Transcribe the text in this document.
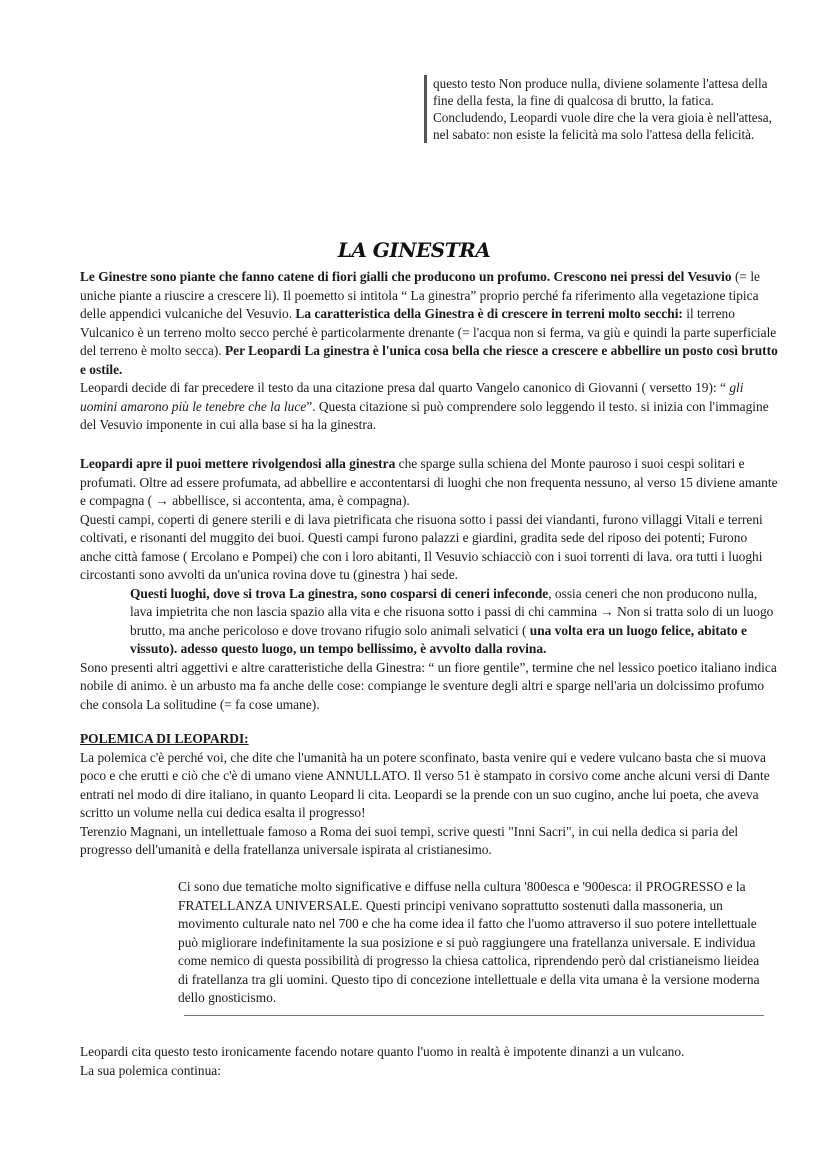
questo testo Non produce nulla, diviene solamente l'attesa della fine della festa, la fine di qualcosa di brutto, la fatica.

Concludendo, Leopardi vuole dire che la vera gioia è nell'attesa, nel sabato: non esiste la felicità ma solo l'attesa della felicità.

LA GINESTRA

Le Ginestre sono piante che fanno catene di fiori gialli che producono un profumo. Crescono nei pressi del Vesuvio (= le uniche piante a riuscire a crescere li). Il poemetto si intitola “ La ginestra” proprio perché fa riferimento alla vegetazione tipica delle appendici vulcaniche del Vesuvio. La caratteristica della Ginestra è di crescere in terreni molto secchi: il terreno Vulcanico è un terreno molto secco perché è particolarmente drenante (= l'acqua non si ferma, va giù e quindi la parte superficiale del terreno è molto secca). Per Leopardi La ginestra è l'unica cosa bella che riesce a crescere e abbellire un posto così brutto e ostile.

Leopardi decide di far precedere il testo da una citazione presa dal quarto Vangelo canonico di Giovanni ( versetto 19): “ gli uomini amarono più le tenebre che la luce”. Questa citazione si può comprendere solo leggendo il testo. si inizia con l'immagine del Vesuvio imponente in cui alla base si ha la ginestra.

Leopardi apre il puoi mettere rivolgendosi alla ginestra che sparge sulla schiena del Monte pauroso i suoi cespi solitari e profumati. Oltre ad essere profumata, ad abbellire e accontentarsi di luoghi che non frequenta nessuno, al verso 15 diviene amante e compagna ( → abbellisce, si accontenta, ama, è compagna).

Questi campi, coperti di genere sterili e di lava pietrificata che risuona sotto i passi dei viandanti, furono villaggi Vitali e terreni coltivati, e risonanti del muggito dei buoi. Questi campi furono palazzi e giardini, gradita sede del riposo dei potenti; Furono anche città famose ( Ercolano e Pompei) che con i loro abitanti, Il Vesuvio schiacciò con i suoi torrenti di lava. ora tutti i luoghi circostanti sono avvolti da un'unica rovina dove tu (ginestra ) hai sede.

Questi luoghi, dove si trova La ginestra, sono cosparsi di ceneri infeconde, ossia ceneri che non producono nulla, lava impietrita che non lascia spazio alla vita e che risuona sotto i passi di chi cammina → Non si tratta solo di un luogo brutto, ma anche pericoloso e dove trovano rifugio solo animali selvatici ( una volta era un luogo felice, abitato e vissuto). adesso questo luogo, un tempo bellissimo, è avvolto dalla rovina.

Sono presenti altri aggettivi e altre caratteristiche della Ginestra: “ un fiore gentile”, termine che nel lessico poetico italiano indica nobile di animo. è un arbusto ma fa anche delle cose: compiange le sventure degli altri e sparge nell'aria un dolcissimo profumo che consola La solitudine (= fa cose umane).

POLEMICA DI LEOPARDI:

La polemica c'è perché voi, che dite che l'umanità ha un potere sconfinato, basta venire qui e vedere vulcano basta che si muova poco e che erutti e ciò che c'è di umano viene ANNULLATO. Il verso 51 è stampato in corsivo come anche alcuni versi di Dante entrati nel modo di dire italiano, in quanto Leopard li cita. Leopardi se la prende con un suo cugino, anche lui poeta, che aveva scritto un volume nella cui dedica esalta il progresso!

Terenzio Magnani, un intellettuale famoso a Roma dei suoi tempi, scrive questi "Inni Sacri", in cui nella dedica si paria del progresso dell'umanità e della fratellanza universale ispirata al cristianesimo.

Ci sono due tematiche molto significative e diffuse nella cultura '800esca e '900esca: il PROGRESSO e la FRATELLANZA UNIVERSALE. Questi principi venivano soprattutto sostenuti dalla massoneria, un movimento culturale nato nel 700 e che ha come idea il fatto che l'uomo attraverso il suo potere intellettuale può migliorare indefinitamente la sua posizione e si può raggiungere una fratellanza universale. E individua come nemico di questa possibilità di progresso la chiesa cattolica, riprendendo però dal cristianeismo lieidea di fratellanza tra gli uomini. Questo tipo di concezione intellettuale e della vita umana è la versione moderna dello gnosticismo.

Leopardi cita questo testo ironicamente facendo notare quanto l'uomo in realtà è impotente dinanzi a un vulcano.

La sua polemica continua:
